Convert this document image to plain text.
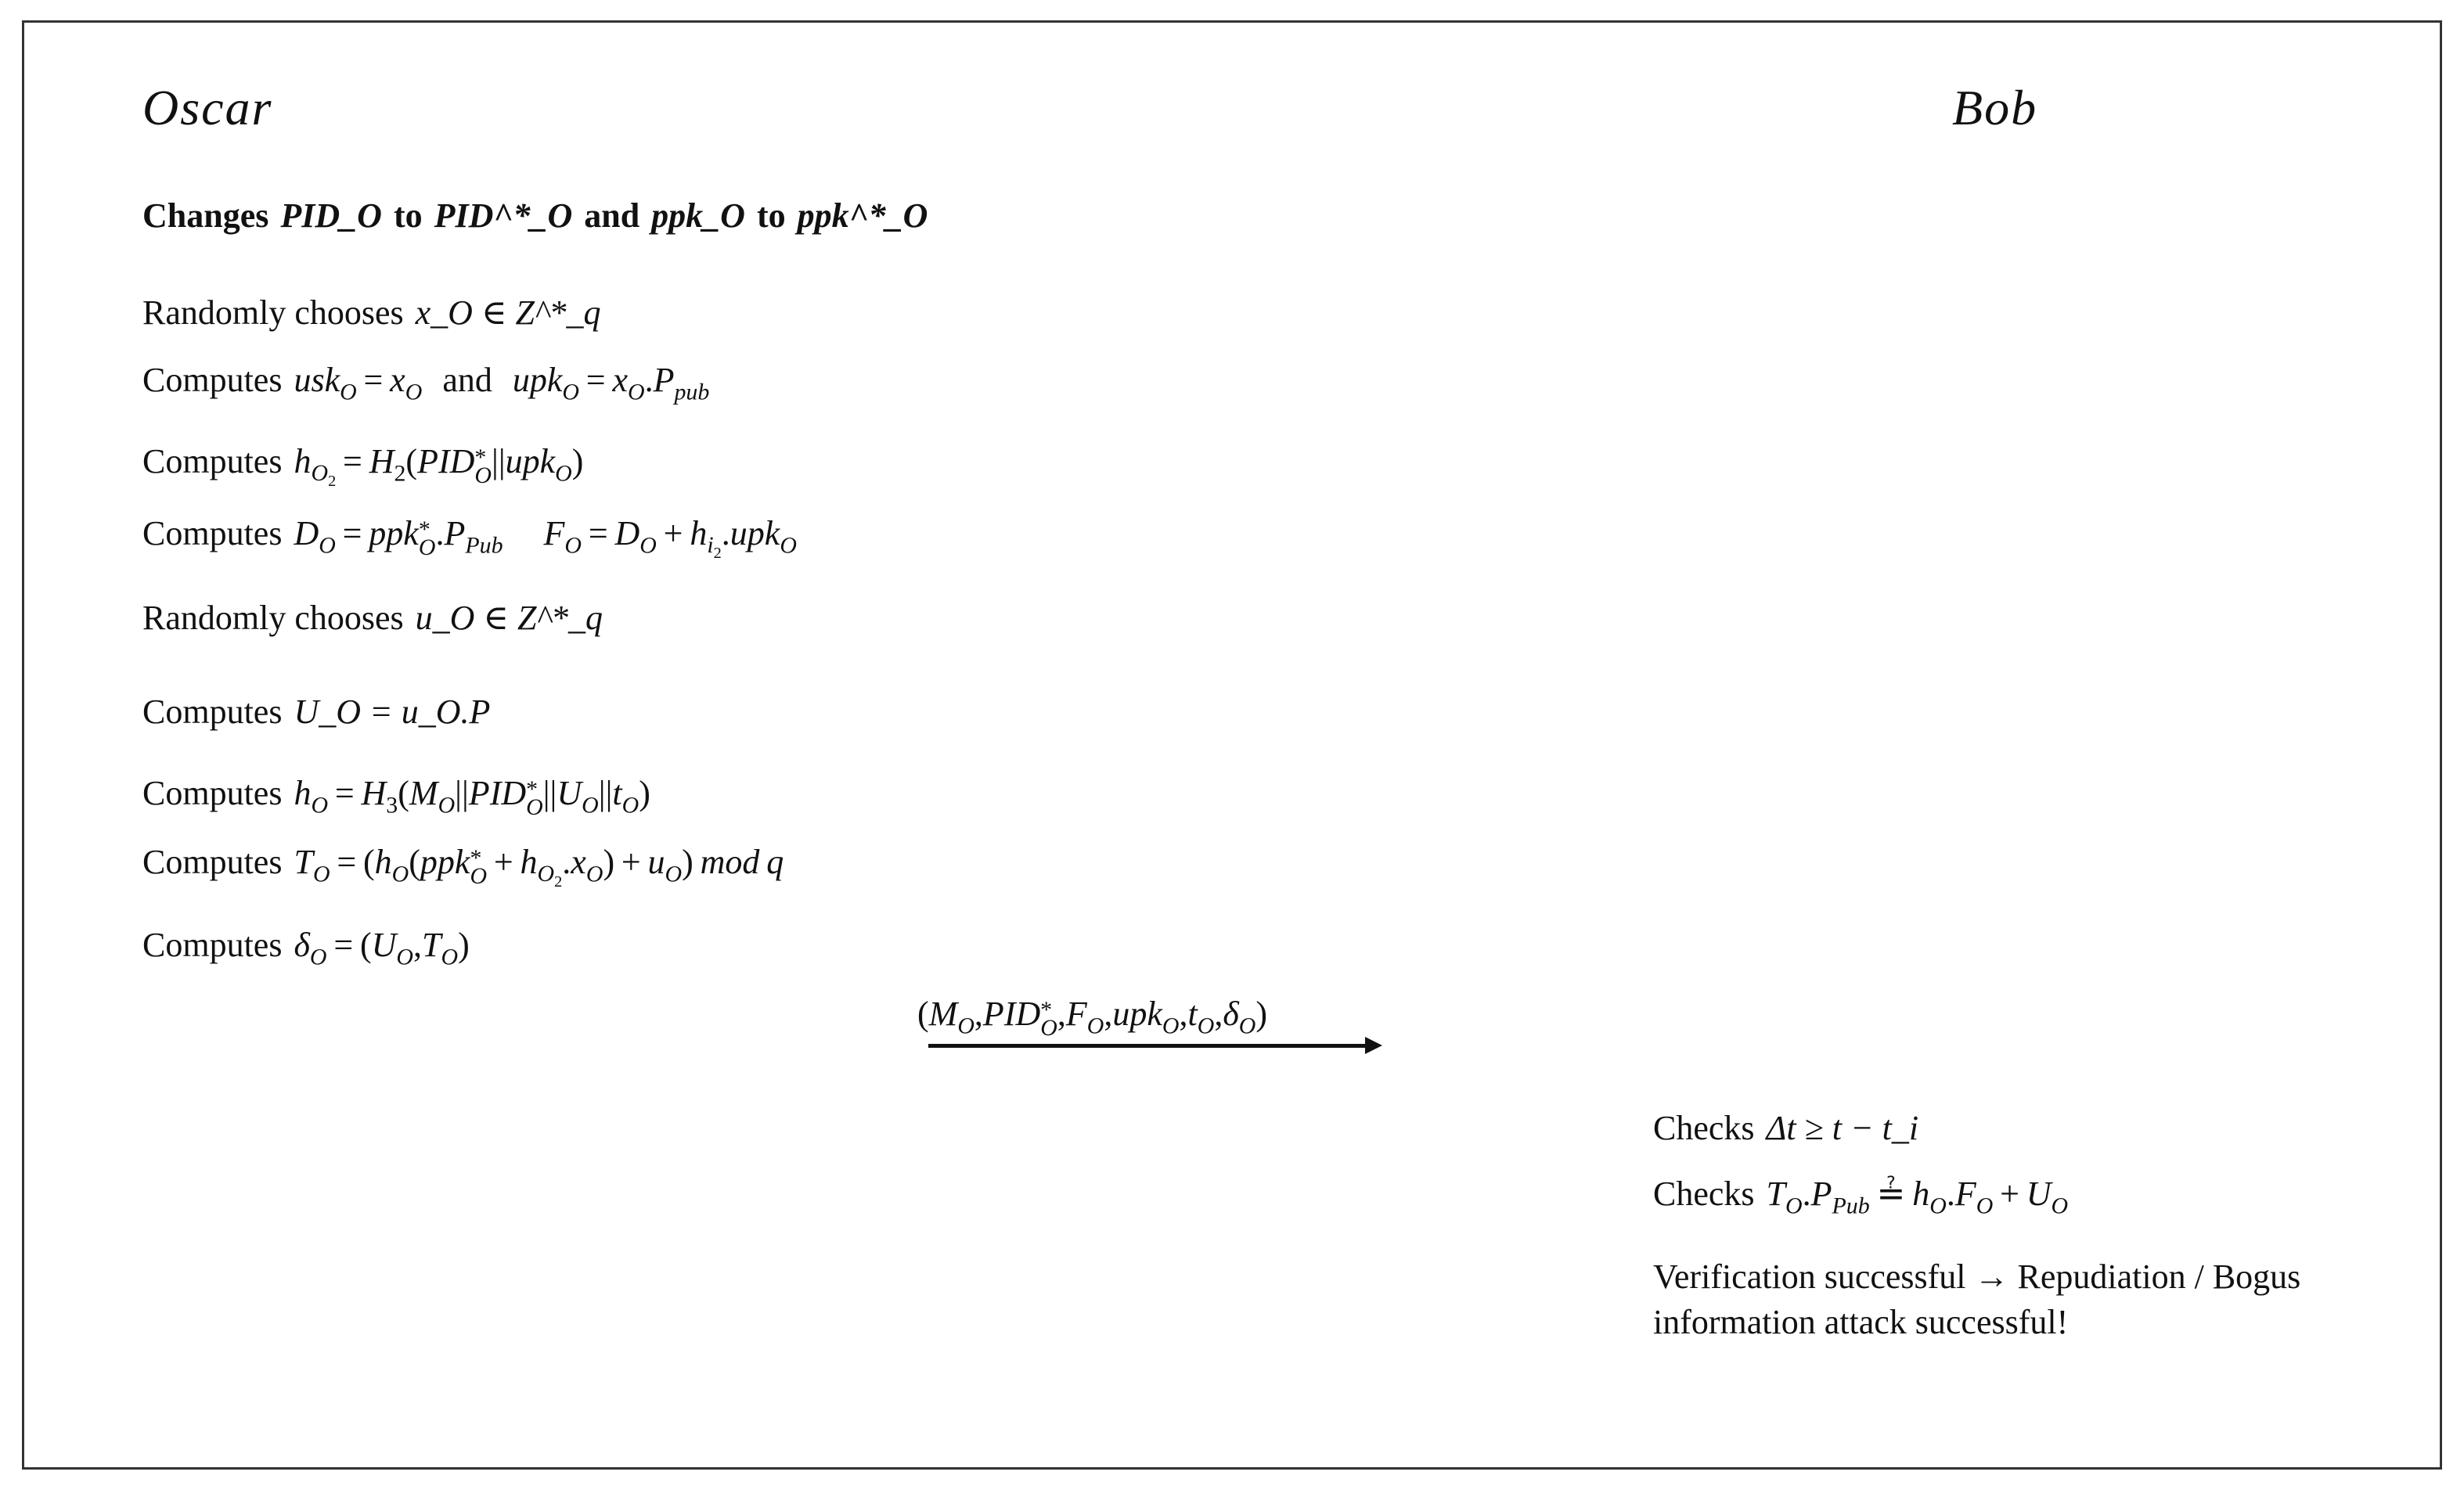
Oscar	Bob
Changes PID_O to PID^*_O and ppk_O to ppk^*_O
Randomly chooses x_O ∈ Z^*_q
Computes $usk_O = x_O$  and  $upk_O = x_O.P_{pub}$
Computes $h_{O_2} = H_2(PID$ *
O ||upk$_O$)
Computes $D_O$  =  ppk *
O $.P_{Pub}$ $F_O = D_O + h_{i_2}.upk_O$
Randomly chooses u_O ∈ Z^*_q
Computes U_O = u_O.P
Computes $h_O = H_3(M_O||PID$ *
O $||U_O||t_O$)
Computes $T_O = (h_O(ppk$ *
O
  +  $h_{O_2}.x_O) + u_O$)  mod  q
Computes $\delta_O = (U_O,T_O)$
($M_O,PID$ *
O $,F_O,upk_O,t_O,\delta_O$)
Checks Δt ≥ t − t_i
Checks $T_O.P_{Pub}$  ≟  $h_O.F_O + U_O$
Verification successful → Repudiation / Bogus
information attack successful!
